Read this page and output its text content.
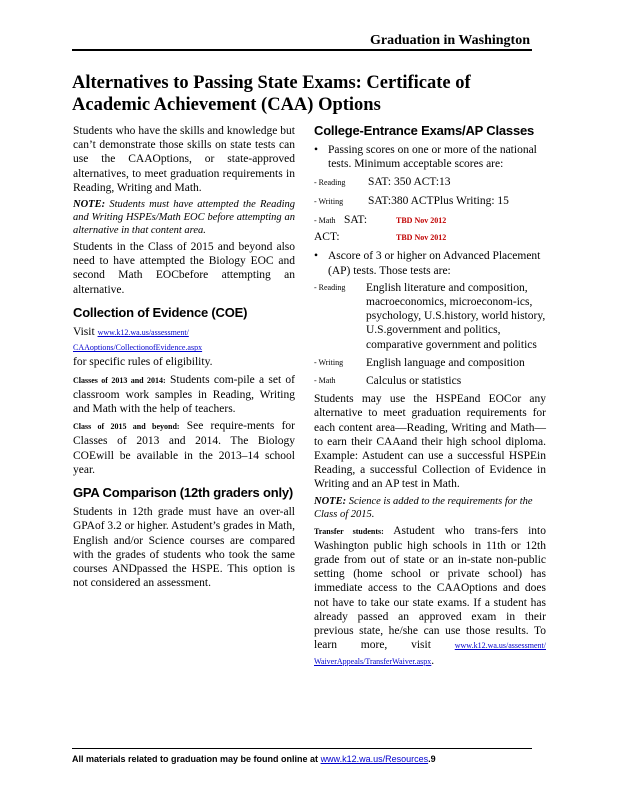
Graduation in Washington
Alternatives to Passing State Exams: Certificate of Academic Achievement (CAA) Options

Students who have the skills and knowledge but can’t demonstrate those skills on state tests can use the CAAOptions, or state-approved alternatives, to meet graduation requirements in Reading, Writing and Math.

NOTE: Students must have attempted the Reading and Writing HSPEs/Math EOC before attempting an alternative in that content area.

Students in the Class of 2015 and beyond also need to have attempted the Biology EOC and second Math EOCbefore attempting an alternative.

Collection of Evidence (COE)

Visit www.k12.wa.us/assessment/
CAAoptions/CollectionofEvidence.aspx
for specific rules of eligibility.

Classes of 2013 and 2014: Students com-pile a set of classroom work samples in Reading, Writing and Math with the help of teachers.

Class of 2015 and beyond: See require-ments for Classes of 2013 and 2014. The Biology COEwill be available in the 2013–14 school year.

GPA Comparison (12th graders only)

Students in 12th grade must have an over-all GPAof 3.2 or higher. Astudent’s grades in Math, English and/or Science courses are compared with the grades of students who took the same courses ANDpassed the HSPE. This option is not considered an assessment.

College-Entrance Exams/AP Classes
• Passing scores on one or more of the national tests. Minimum acceptable scores are:
- Reading	SAT: 350 ACT:13
- Writing	SAT:380 ACTPlus Writing: 15
- Math SAT:	TBD Nov 2012
ACT:	TBD Nov 2012
• Ascore of 3 or higher on Advanced Placement (AP) tests. Those tests are:
- Reading	English literature and composition, macroeconomics, microeconom-ics, psychology, U.S.history, world history, U.S.government and politics, comparative government and politics
- Writing	English language and composition
- Math	Calculus or statistics

Students may use the HSPEand EOCor any alternative to meet graduation requirements for each content area—Reading, Writing and Math—to earn their CAAand their high school diploma. Example: Astudent can use a successful HSPEin Reading, a successful Collection of Evidence in Writing and an AP test in Math.

NOTE: Science is added to the requirements for the Class of 2015.

Transfer students: Astudent who trans-fers into Washington public high schools in 11th or 12th grade from out of state or an in-state non-public setting (home school or private school) has immediate access to the CAAOptions and does not have to take our state exams. If a student has already passed an approved exam in their previous state, he/she can use those results. To learn more, visit	www.k12.wa.us/assessment/ WaiverAppeals/TransferWaiver.aspx.

All materials related to graduation may be found online at www.k12.wa.us/Resources.9
